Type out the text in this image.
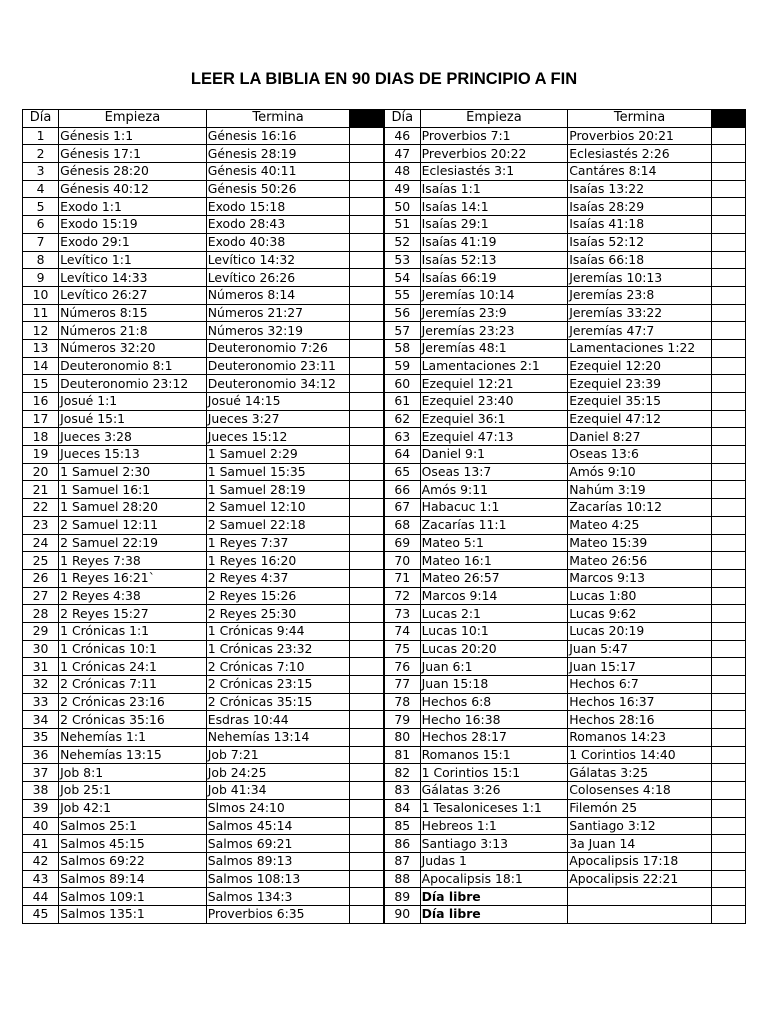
LEER LA BIBLIA EN 90 DIAS DE PRINCIPIO A FIN
Día	Empieza	Termina		Día	Empieza	Termina	
1	Génesis 1:1	Génesis 16:16		46	Proverbios 7:1	Proverbios 20:21	
2	Génesis 17:1	Génesis 28:19		47	Preverbios 20:22	Eclesiastés 2:26	
3	Génesis 28:20	Génesis 40:11		48	Eclesiastés 3:1	Cantáres 8:14	
4	Génesis 40:12	Génesis 50:26		49	Isaías 1:1	Isaías 13:22	
5	Exodo 1:1	Exodo 15:18		50	Isaías 14:1	Isaías 28:29	
6	Exodo 15:19	Exodo 28:43		51	Isaías 29:1	Isaías 41:18	
7	Exodo 29:1	Exodo 40:38		52	Isaías 41:19	Isaías 52:12	
8	Levítico 1:1	Levítico 14:32		53	Isaías 52:13	Isaías 66:18	
9	Levítico 14:33	Levítico 26:26		54	Isaías 66:19	Jeremías 10:13	
10	Levítico 26:27	Números 8:14		55	Jeremías 10:14	Jeremías 23:8	
11	Números 8:15	Números 21:27		56	Jeremías 23:9	Jeremías 33:22	
12	Números 21:8	Números 32:19		57	Jeremías 23:23	Jeremías 47:7	
13	Números 32:20	Deuteronomio 7:26		58	Jeremías 48:1	Lamentaciones 1:22	
14	Deuteronomio 8:1	Deuteronomio 23:11		59	Lamentaciones 2:1	Ezequiel 12:20	
15	Deuteronomio 23:12	Deuteronomio 34:12		60	Ezequiel 12:21	Ezequiel 23:39	
16	Josué 1:1	Josué 14:15		61	Ezequiel 23:40	Ezequiel 35:15	
17	Josué 15:1	Jueces 3:27		62	Ezequiel 36:1	Ezequiel 47:12	
18	Jueces 3:28	Jueces 15:12		63	Ezequiel 47:13	Daniel 8:27	
19	Jueces 15:13	1 Samuel 2:29		64	Daniel 9:1	Oseas 13:6	
20	1 Samuel 2:30	1 Samuel 15:35		65	Oseas 13:7	Amós 9:10	
21	1 Samuel 16:1	1 Samuel 28:19		66	Amós 9:11	Nahúm 3:19	
22	1 Samuel 28:20	2 Samuel 12:10		67	Habacuc 1:1	Zacarías 10:12	
23	2 Samuel 12:11	2 Samuel 22:18		68	Zacarías 11:1	Mateo 4:25	
24	2 Samuel 22:19	1 Reyes 7:37		69	Mateo 5:1	Mateo 15:39	
25	1 Reyes 7:38	1 Reyes 16:20		70	Mateo 16:1	Mateo 26:56	
26	1 Reyes 16:21`	2 Reyes 4:37		71	Mateo 26:57	Marcos 9:13	
27	2 Reyes 4:38	2 Reyes 15:26		72	Marcos 9:14	Lucas 1:80	
28	2 Reyes 15:27	2 Reyes 25:30		73	Lucas 2:1	Lucas 9:62	
29	1 Crónicas 1:1	1 Crónicas 9:44		74	Lucas 10:1	Lucas 20:19	
30	1 Crónicas 10:1	1 Crónicas 23:32		75	Lucas 20:20	Juan 5:47	
31	1 Crónicas 24:1	2 Crónicas 7:10		76	Juan 6:1	Juan 15:17	
32	2 Crónicas 7:11	2 Crónicas 23:15		77	Juan 15:18	Hechos 6:7	
33	2 Crónicas 23:16	2 Crónicas 35:15		78	Hechos 6:8	Hechos 16:37	
34	2 Crónicas 35:16	Esdras 10:44		79	Hecho 16:38	Hechos 28:16	
35	Nehemías 1:1	Nehemías 13:14		80	Hechos 28:17	Romanos 14:23	
36	Nehemías 13:15	Job 7:21		81	Romanos 15:1	1 Corintios 14:40	
37	Job 8:1	Job 24:25		82	1 Corintios 15:1	Gálatas 3:25	
38	Job 25:1	Job 41:34		83	Gálatas 3:26	Colosenses 4:18	
39	Job 42:1	Slmos 24:10		84	1 Tesaloniceses 1:1	Filemón 25	
40	Salmos 25:1	Salmos 45:14		85	Hebreos 1:1	Santiago 3:12	
41	Salmos 45:15	Salmos 69:21		86	Santiago 3:13	3a Juan 14	
42	Salmos 69:22	Salmos 89:13		87	Judas 1	Apocalipsis 17:18	
43	Salmos 89:14	Salmos 108:13		88	Apocalipsis 18:1	Apocalipsis 22:21	
44	Salmos 109:1	Salmos 134:3		89	Día libre		
45	Salmos 135:1	Proverbios 6:35		90	Día libre		
